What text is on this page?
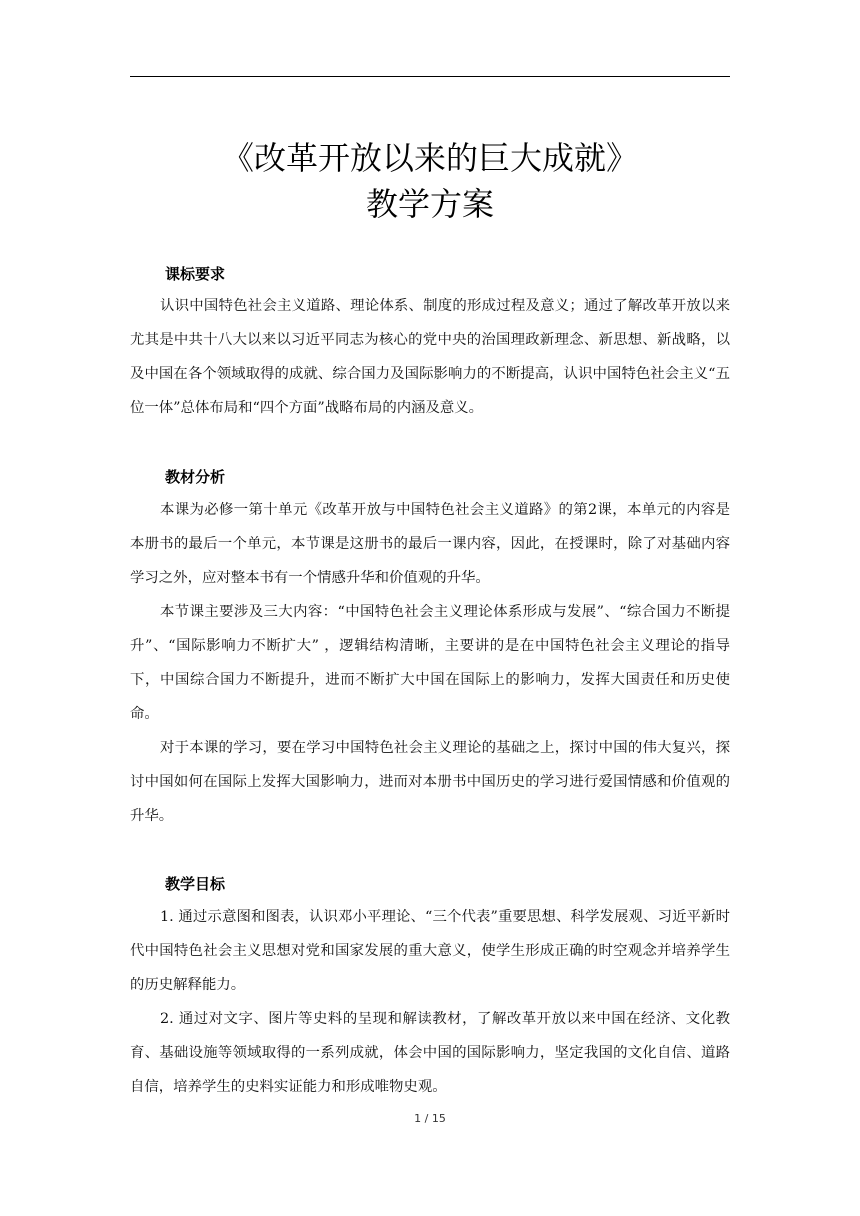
《改革开放以来的巨大成就》
教学方案
课标要求
认识中国特色社会主义道路、理论体系、制度的形成过程及意义；通过了解改革开放以来尤其是中共十八大以来以习近平同志为核心的党中央的治国理政新理念、新思想、新战略，以及中国在各个领域取得的成就、综合国力及国际影响力的不断提高，认识中国特色社会主义“五位一体”总体布局和“四个方面”战略布局的内涵及意义。
教材分析
本课为必修一第十单元《改革开放与中国特色社会主义道路》的第2课，本单元的内容是本册书的最后一个单元，本节课是这册书的最后一课内容，因此，在授课时，除了对基础内容学习之外，应对整本书有一个情感升华和价值观的升华。
本节课主要涉及三大内容：“中国特色社会主义理论体系形成与发展”、“综合国力不断提升”、“国际影响力不断扩大” ，逻辑结构清晰，主要讲的是在中国特色社会主义理论的指导下，中国综合国力不断提升，进而不断扩大中国在国际上的影响力，发挥大国责任和历史使命。
对于本课的学习，要在学习中国特色社会主义理论的基础之上，探讨中国的伟大复兴，探讨中国如何在国际上发挥大国影响力，进而对本册书中国历史的学习进行爱国情感和价值观的升华。
教学目标
1. 通过示意图和图表，认识邓小平理论、“三个代表”重要思想、科学发展观、习近平新时代中国特色社会主义思想对党和国家发展的重大意义，使学生形成正确的时空观念并培养学生的历史解释能力。
2. 通过对文字、图片等史料的呈现和解读教材，了解改革开放以来中国在经济、文化教育、基础设施等领域取得的一系列成就，体会中国的国际影响力，坚定我国的文化自信、道路自信，培养学生的史料实证能力和形成唯物史观。
1 / 15
